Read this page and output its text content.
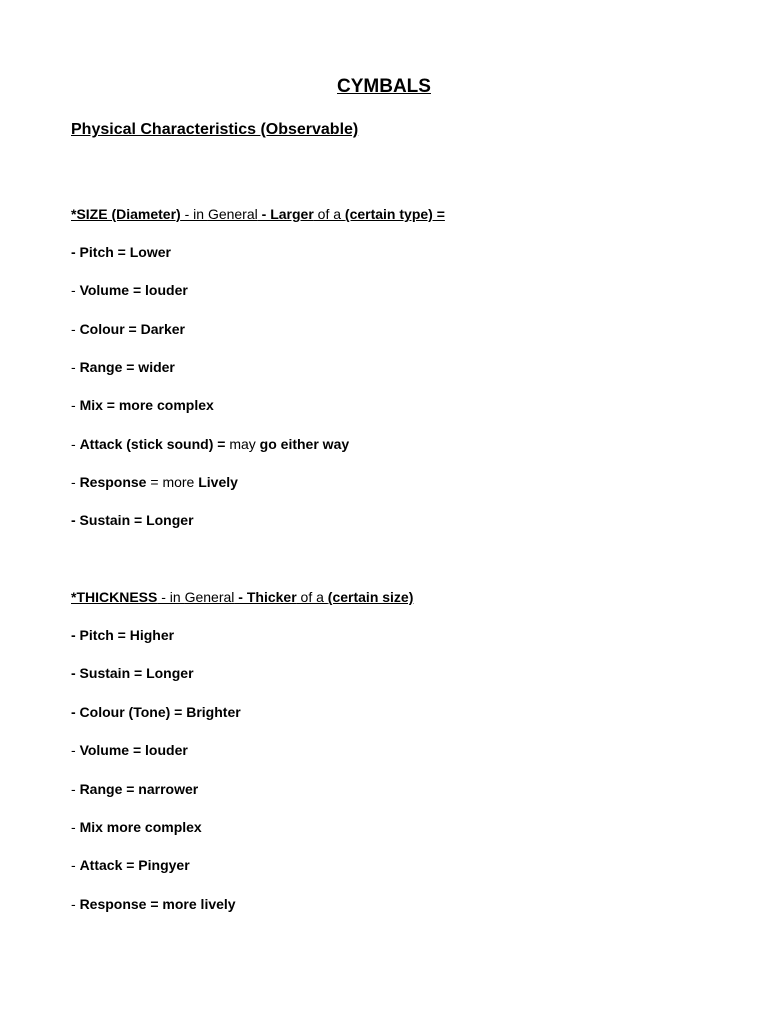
CYMBALS
Physical Characteristics (Observable)
*SIZE (Diameter) - in General - Larger of a (certain type) =
- Pitch = Lower
- Volume = louder
- Colour = Darker
- Range = wider
- Mix = more complex
- Attack (stick sound) = may go either way
- Response = more Lively
- Sustain = Longer
*THICKNESS - in General - Thicker of a (certain size)
- Pitch = Higher
- Sustain = Longer
- Colour (Tone) = Brighter
- Volume = louder
- Range = narrower
- Mix more complex
- Attack = Pingyer
- Response = more lively
